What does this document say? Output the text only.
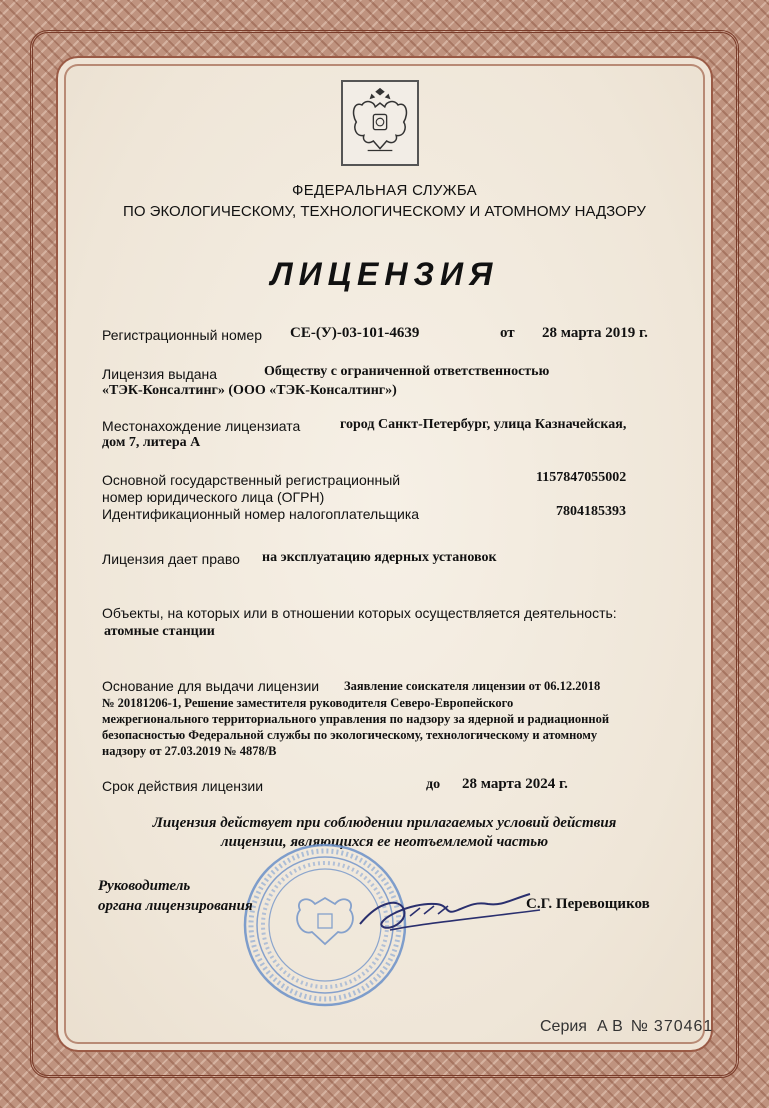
ФЕДЕРАЛЬНАЯ СЛУЖБА
ПО ЭКОЛОГИЧЕСКОМУ, ТЕХНОЛОГИЧЕСКОМУ И АТОМНОМУ НАДЗОРУ
ЛИЦЕНЗИЯ
Регистрационный номер СЕ-(У)-03-101-4639	от 28 марта 2019 г.
Лицензия выдана	Обществу с ограниченной ответственностью
«ТЭК-Консалтинг» (ООО «ТЭК-Консалтинг»)
Местонахождение лицензиата	город Санкт-Петербург, улица Казначейская,
дом 7, литера А
Основной государственный регистрационный
номер юридического лица (ОГРН)
1157847055002
Идентификационный номер налогоплательщика	7804185393
Лицензия дает право на эксплуатацию ядерных установок
Объекты, на которых или в отношении которых осуществляется деятельность:
атомные станции
Основание для выдачи лицензии Заявление соискателя лицензии от 06.12.2018
№ 20181206-1, Решение заместителя руководителя Северо-Европейского
межрегионального территориального управления по надзору за ядерной и радиационной
безопасностью Федеральной службы по экологическому, технологическому и атомному
надзору от 27.03.2019 № 4878/В
Срок действия лицензии	до 28 марта 2024 г.
Лицензия действует при соблюдении прилагаемых условий действия
лицензии, являющихся ее неотъемлемой частью
Руководитель
органа лицензирования	С.Г. Перевощиков
Серия А В № 370461
